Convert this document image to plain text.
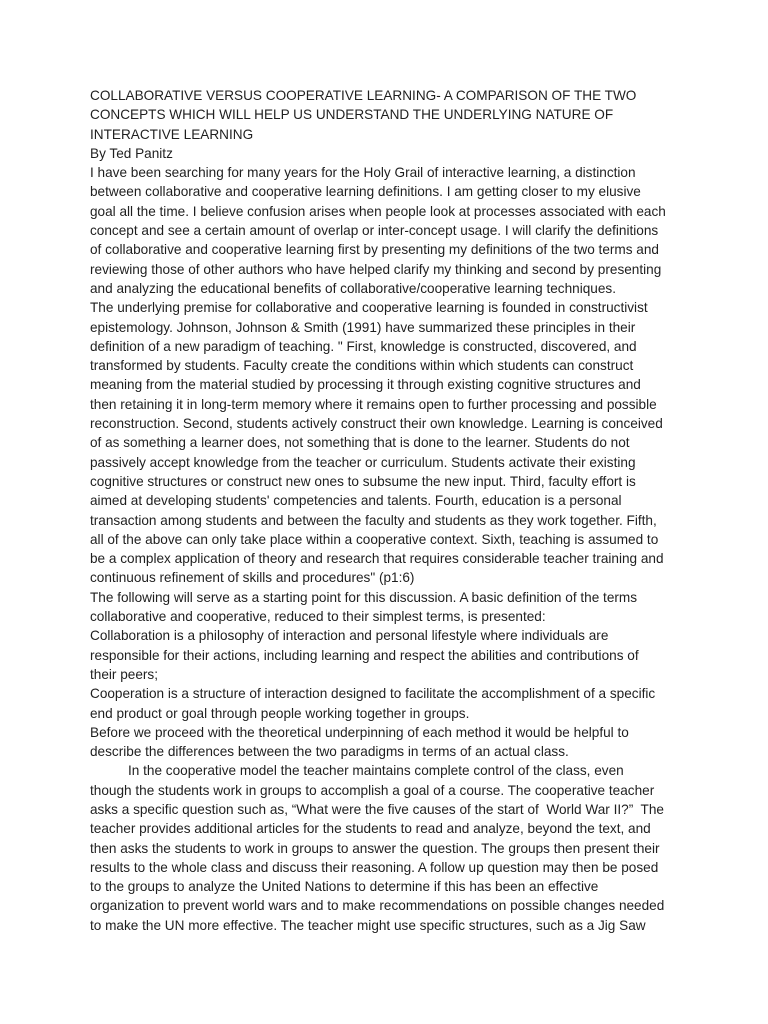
COLLABORATIVE VERSUS COOPERATIVE LEARNING- A COMPARISON OF THE TWO
CONCEPTS WHICH WILL HELP US UNDERSTAND THE UNDERLYING NATURE OF
INTERACTIVE LEARNING
By Ted Panitz
I have been searching for many years for the Holy Grail of interactive learning, a distinction
between collaborative and cooperative learning definitions. I am getting closer to my elusive
goal all the time. I believe confusion arises when people look at processes associated with each
concept and see a certain amount of overlap or inter-concept usage. I will clarify the definitions
of collaborative and cooperative learning first by presenting my definitions of the two terms and
reviewing those of other authors who have helped clarify my thinking and second by presenting
and analyzing the educational benefits of collaborative/cooperative learning techniques.
The underlying premise for collaborative and cooperative learning is founded in constructivist
epistemology. Johnson, Johnson & Smith (1991) have summarized these principles in their
definition of a new paradigm of teaching. " First, knowledge is constructed, discovered, and
transformed by students. Faculty create the conditions within which students can construct
meaning from the material studied by processing it through existing cognitive structures and
then retaining it in long-term memory where it remains open to further processing and possible
reconstruction. Second, students actively construct their own knowledge. Learning is conceived
of as something a learner does, not something that is done to the learner. Students do not
passively accept knowledge from the teacher or curriculum. Students activate their existing
cognitive structures or construct new ones to subsume the new input. Third, faculty effort is
aimed at developing students' competencies and talents. Fourth, education is a personal
transaction among students and between the faculty and students as they work together. Fifth,
all of the above can only take place within a cooperative context. Sixth, teaching is assumed to
be a complex application of theory and research that requires considerable teacher training and
continuous refinement of skills and procedures" (p1:6)
The following will serve as a starting point for this discussion. A basic definition of the terms
collaborative and cooperative, reduced to their simplest terms, is presented:
Collaboration is a philosophy of interaction and personal lifestyle where individuals are
responsible for their actions, including learning and respect the abilities and contributions of
their peers;
Cooperation is a structure of interaction designed to facilitate the accomplishment of a specific
end product or goal through people working together in groups.
Before we proceed with the theoretical underpinning of each method it would be helpful to
describe the differences between the two paradigms in terms of an actual class.
In the cooperative model the teacher maintains complete control of the class, even
though the students work in groups to accomplish a goal of a course. The cooperative teacher
asks a specific question such as, “What were the five causes of the start of  World War II?”  The
teacher provides additional articles for the students to read and analyze, beyond the text, and
then asks the students to work in groups to answer the question. The groups then present their
results to the whole class and discuss their reasoning. A follow up question may then be posed
to the groups to analyze the United Nations to determine if this has been an effective
organization to prevent world wars and to make recommendations on possible changes needed
to make the UN more effective. The teacher might use specific structures, such as a Jig Saw
